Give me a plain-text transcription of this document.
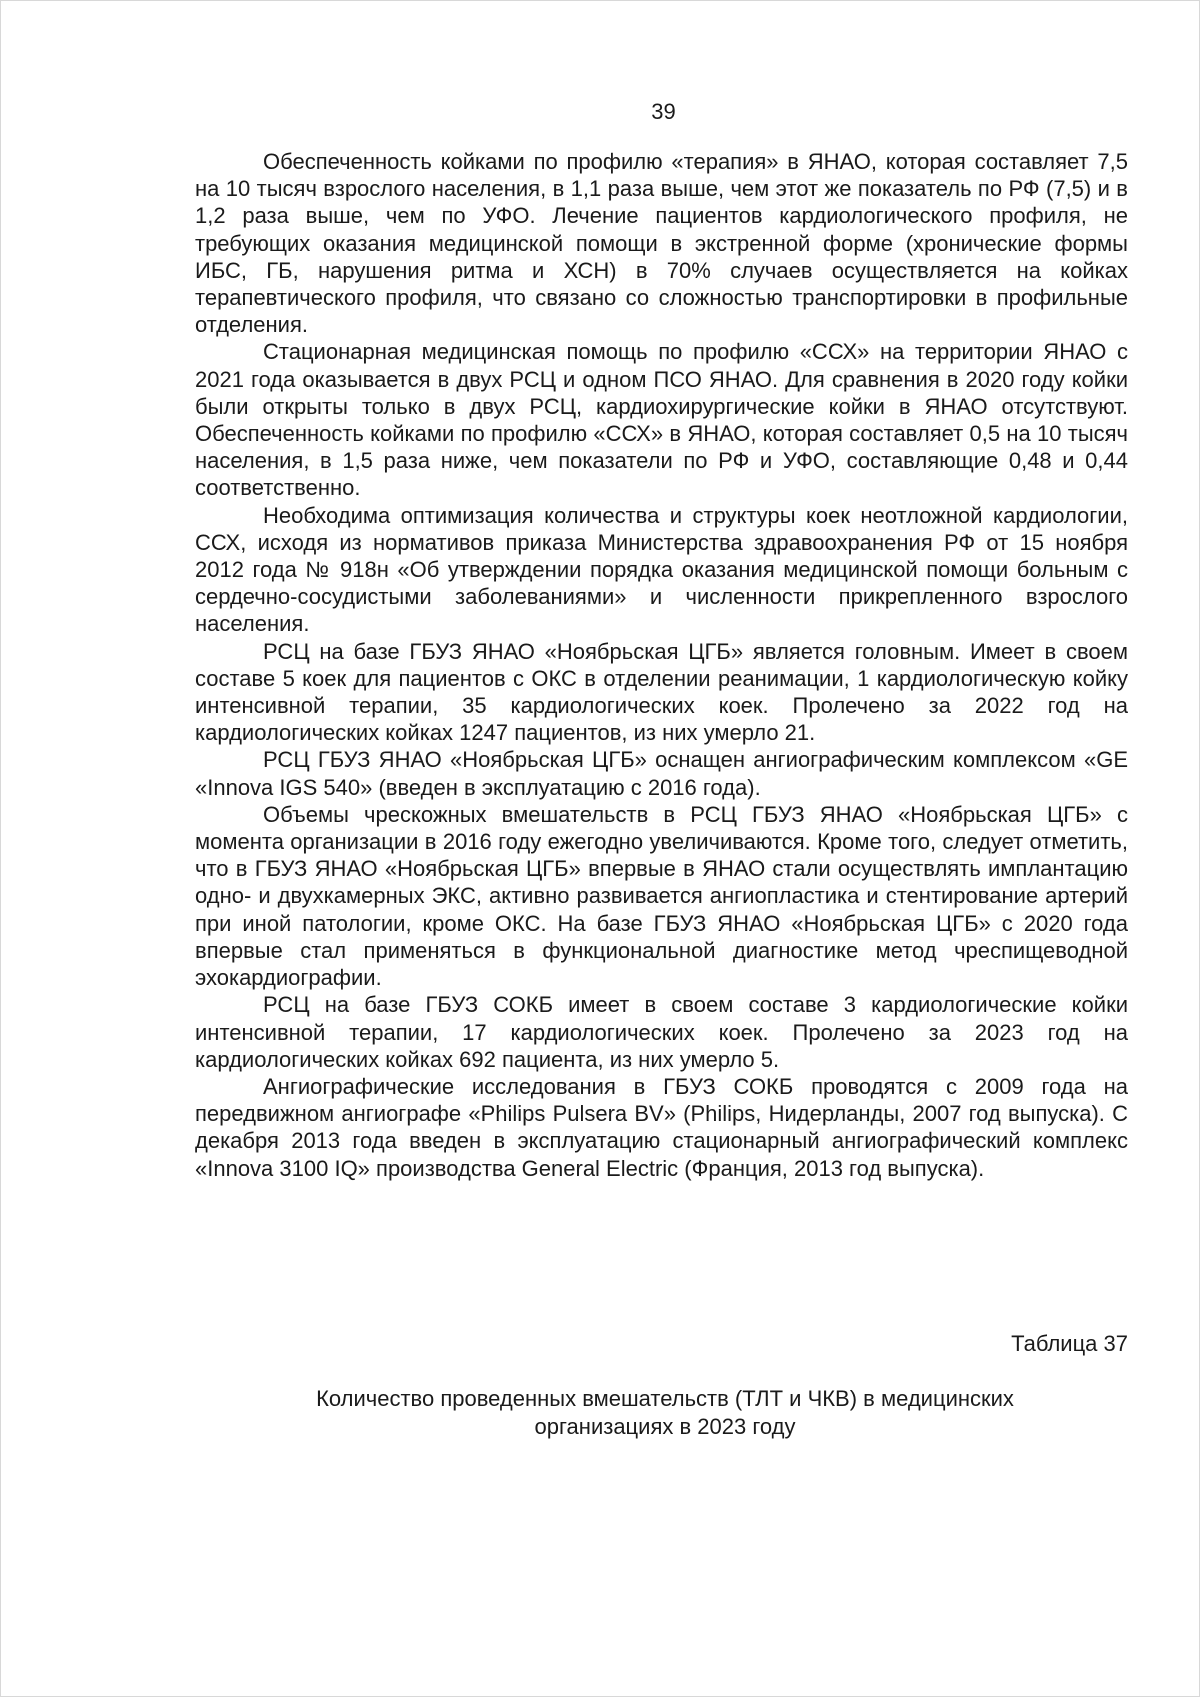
39

Обеспеченность койками по профилю «терапия» в ЯНАО, которая составляет 7,5 на 10 тысяч взрослого населения, в 1,1 раза выше, чем этот же показатель по РФ (7,5) и в 1,2 раза выше, чем по УФО. Лечение пациентов кардиологического профиля, не требующих оказания медицинской помощи в экстренной форме (хронические формы ИБС, ГБ, нарушения ритма и ХСН) в 70% случаев осуществляется на койках терапевтического профиля, что связано со сложностью транспортировки в профильные отделения.

Стационарная медицинская помощь по профилю «ССХ» на территории ЯНАО с 2021 года оказывается в двух РСЦ и одном ПСО ЯНАО. Для сравнения в 2020 году койки были открыты только в двух РСЦ, кардиохирургические койки в ЯНАО отсутствуют. Обеспеченность койками по профилю «ССХ» в ЯНАО, которая составляет 0,5 на 10 тысяч населения, в 1,5 раза ниже, чем показатели по РФ и УФО, составляющие 0,48 и 0,44 соответственно.

Необходима оптимизация количества и структуры коек неотложной кардиологии, ССХ, исходя из нормативов приказа Министерства здравоохранения РФ от 15 ноября 2012 года № 918н «Об утверждении порядка оказания медицинской помощи больным с сердечно-сосудистыми заболеваниями» и численности прикрепленного взрослого населения.

РСЦ на базе ГБУЗ ЯНАО «Ноябрьская ЦГБ» является головным. Имеет в своем составе 5 коек для пациентов с ОКС в отделении реанимации, 1 кардиологическую койку интенсивной терапии, 35 кардиологических коек. Пролечено за 2022 год на кардиологических койках 1247 пациентов, из них умерло 21.

РСЦ ГБУЗ ЯНАО «Ноябрьская ЦГБ» оснащен ангиографическим комплексом «GE «Innova IGS 540» (введен в эксплуатацию с 2016 года).

Объемы чрескожных вмешательств в РСЦ ГБУЗ ЯНАО «Ноябрьская ЦГБ» с момента организации в 2016 году ежегодно увеличиваются. Кроме того, следует отметить, что в ГБУЗ ЯНАО «Ноябрьская ЦГБ» впервые в ЯНАО стали осуществлять имплантацию одно- и двухкамерных ЭКС, активно развивается ангиопластика и стентирование артерий при иной патологии, кроме ОКС. На базе ГБУЗ ЯНАО «Ноябрьская ЦГБ» с 2020 года впервые стал применяться в функциональной диагностике метод чреспищеводной эхокардиографии.

РСЦ на базе ГБУЗ СОКБ имеет в своем составе 3 кардиологические койки интенсивной терапии, 17 кардиологических коек. Пролечено за 2023 год на кардиологических койках 692 пациента, из них умерло 5.

Ангиографические исследования в ГБУЗ СОКБ проводятся с 2009 года на передвижном ангиографе «Philips Pulsera BV» (Philips, Нидерланды, 2007 год выпуска). С декабря 2013 года введен в эксплуатацию стационарный ангиографический комплекс «Innova 3100 IQ» производства General Electric (Франция, 2013 год выпуска).

Таблица 37
Количество проведенных вмешательств (ТЛТ и ЧКВ) в медицинских
организациях в 2023 году
